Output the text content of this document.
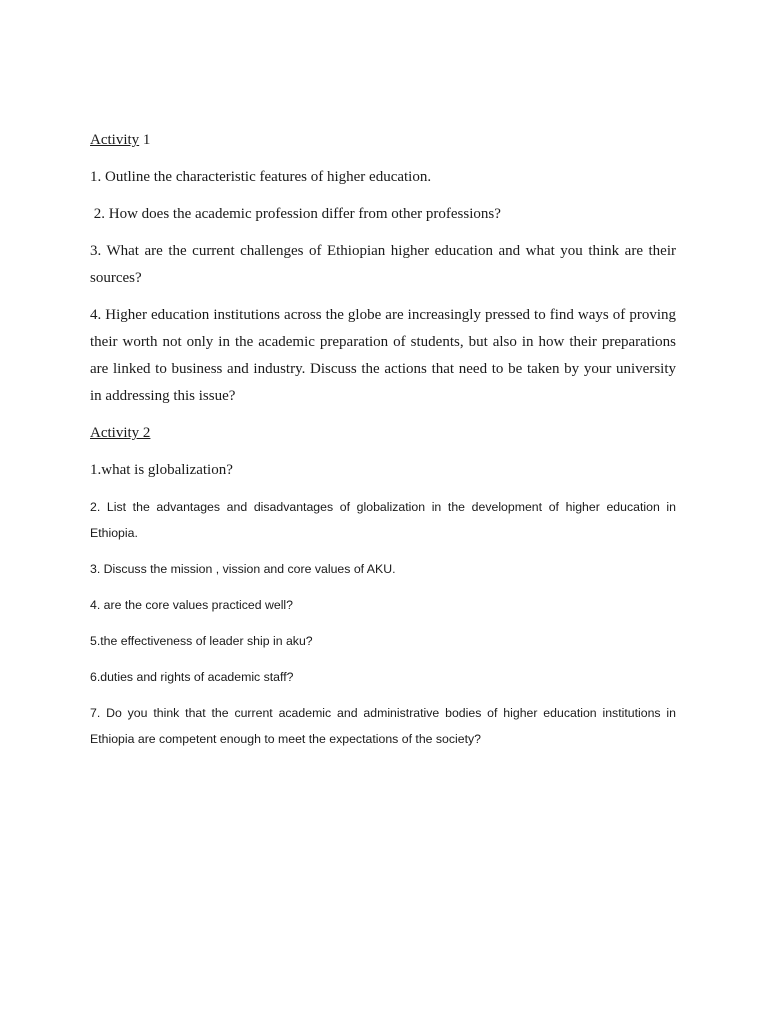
Activity 1

1. Outline the characteristic features of higher education.

2. How does the academic profession differ from other professions?

3. What are the current challenges of Ethiopian higher education and what you think are their sources?

4. Higher education institutions across the globe are increasingly pressed to find ways of proving their worth not only in the academic preparation of students, but also in how their preparations are linked to business and industry. Discuss the actions that need to be taken by your university in addressing this issue?

Activity 2

1.what is globalization?

2. List the advantages and disadvantages of globalization in the development of higher education in Ethiopia.

3. Discuss the mission , vission and core values of AKU.

4. are the core values practiced well?

5.the effectiveness of leader ship in aku?

6.duties and rights of academic staff?

7. Do you think that the current academic and administrative bodies of higher education institutions in Ethiopia are competent enough to meet the expectations of the society?
